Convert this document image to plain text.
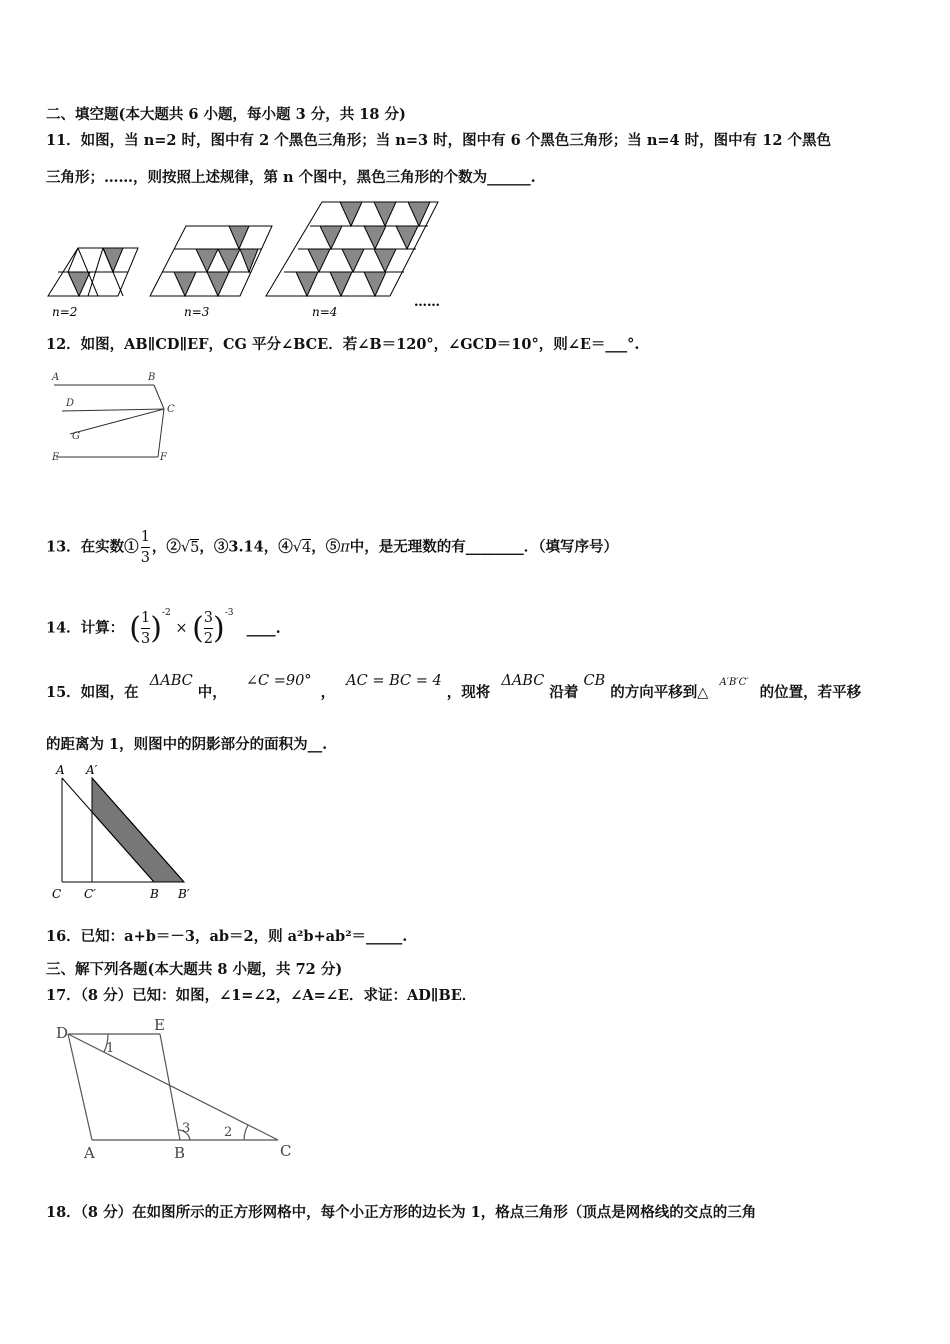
二、填空题(本大题共 6 小题，每小题 3 分，共 18 分)
11．如图，当 n=2 时，图中有 2 个黑色三角形；当 n=3 时，图中有 6 个黑色三角形；当 n=4 时，图中有 12 个黑色
三角形；……，则按照上述规律，第 n 个图中，黑色三角形的个数为______.
n=2	n=3	n=4
……
12．如图，AB∥CD∥EF，CG 平分∠BCE．若∠B＝120°，∠GCD＝10°，则∠E＝___°.
A	B
D
C
G
E	F
13．在实数① $\frac{1}{3}$ ，②√5，③3.14，④√4，⑤π中，是无理数的有________．（填写序号）
14．计算： ( $\frac{1}{3} )^{-2}$ × ( $\frac{3}{2} )^{-3}$ ____.
15．如图，在 ΔABC 中， ∠C =90° ， AC = BC = 4 ，现将 ΔABC 沿着 CB 的方向平移到△ $^{A'B'C'}$ 的位置，若平移
的距离为 1，则图中的阴影部分的面积为__.
A A′
C C′	B B′
16．已知：a+b＝－3，ab＝2，则 a²b+ab²＝_____.
三、解下列各题(本大题共 8 小题，共 72 分)
17．（8 分）已知：如图，∠1=∠2，∠A=∠E．求证：AD∥BE．
D	E
1
3	2
A	B	C
18．（8 分）在如图所示的正方形网格中，每个小正方形的边长为 1，格点三角形（顶点是网格线的交点的三角
